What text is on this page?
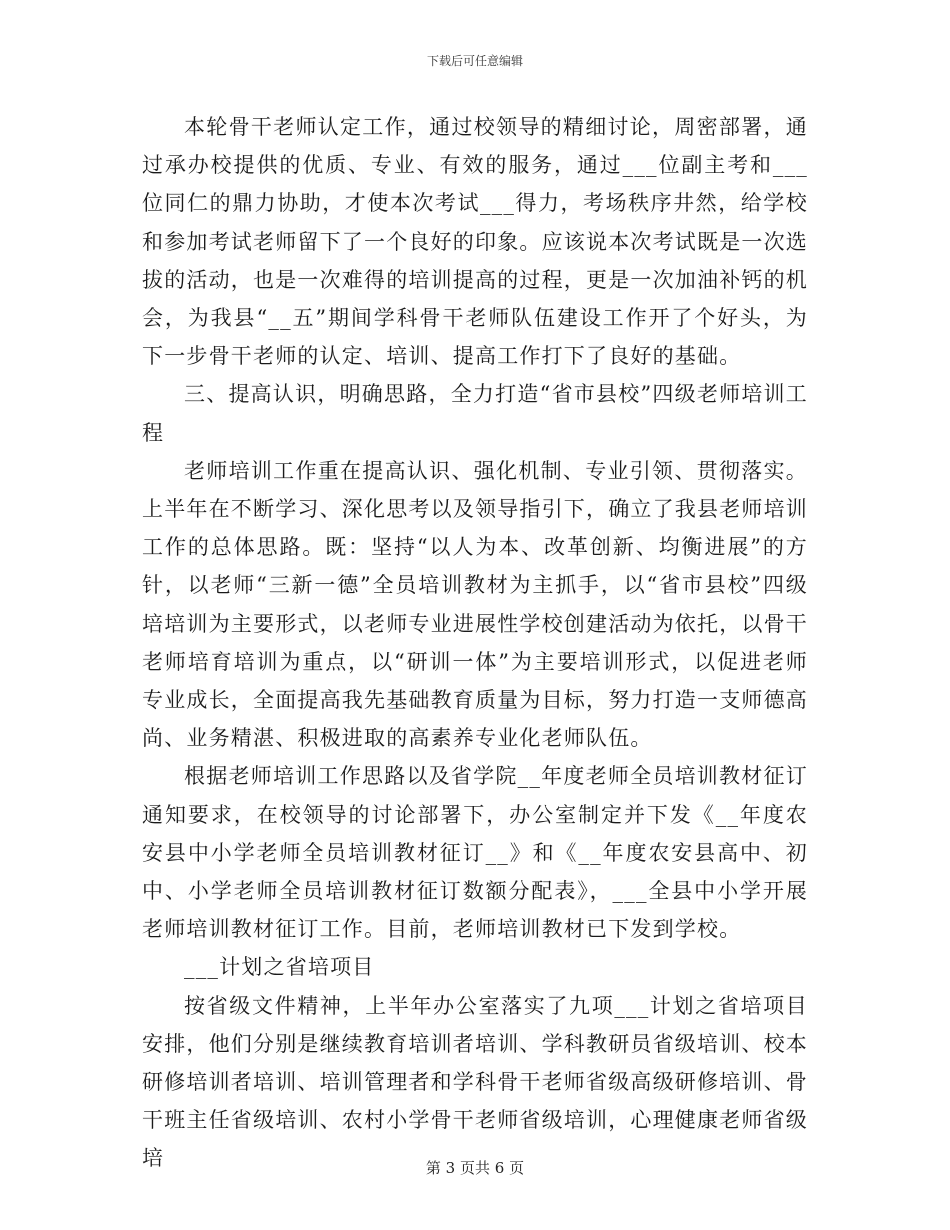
下载后可任意编辑

本轮骨干老师认定工作，通过校领导的精细讨论，周密部署，通过承办校提供的优质、专业、有效的服务，通过___位副主考和___位同仁的鼎力协助，才使本次考试___得力，考场秩序井然，给学校和参加考试老师留下了一个良好的印象。应该说本次考试既是一次选拔的活动，也是一次难得的培训提高的过程，更是一次加油补钙的机会，为我县“__五”期间学科骨干老师队伍建设工作开了个好头，为下一步骨干老师的认定、培训、提高工作打下了良好的基础。

三、提高认识，明确思路，全力打造“省市县校”四级老师培训工程

老师培训工作重在提高认识、强化机制、专业引领、贯彻落实。上半年在不断学习、深化思考以及领导指引下，确立了我县老师培训工作的总体思路。既：坚持“以人为本、改革创新、均衡进展”的方针，以老师“三新一德”全员培训教材为主抓手，以“省市县校”四级培培训为主要形式，以老师专业进展性学校创建活动为依托，以骨干老师培育培训为重点，以“研训一体”为主要培训形式，以促进老师专业成长，全面提高我先基础教育质量为目标，努力打造一支师德高尚、业务精湛、积极进取的高素养专业化老师队伍。

根据老师培训工作思路以及省学院__年度老师全员培训教材征订通知要求，在校领导的讨论部署下，办公室制定并下发《__年度农安县中小学老师全员培训教材征订__》和《__年度农安县高中、初中、小学老师全员培训教材征订数额分配表》，___全县中小学开展老师培训教材征订工作。目前，老师培训教材已下发到学校。

___计划之省培项目

按省级文件精神，上半年办公室落实了九项___计划之省培项目安排，他们分别是继续教育培训者培训、学科教研员省级培训、校本研修培训者培训、培训管理者和学科骨干老师省级高级研修培训、骨干班主任省级培训、农村小学骨干老师省级培训，心理健康老师省级培	第 3 页共 6 页
